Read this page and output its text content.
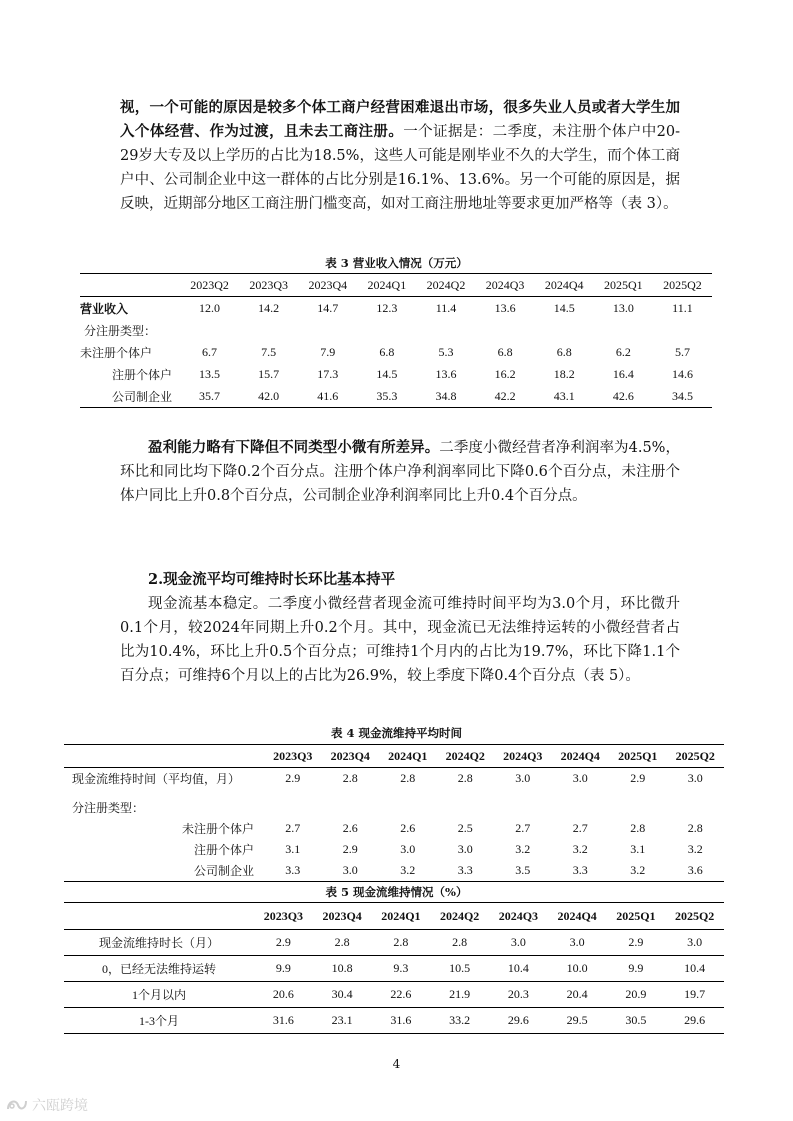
视，一个可能的原因是较多个体工商户经营困难退出市场，很多失业人员或者大学生加入个体经营、作为过渡，且未去工商注册。一个证据是：二季度，未注册个体户中20-29岁大专及以上学历的占比为18.5%，这些人可能是刚毕业不久的大学生，而个体工商户中、公司制企业中这一群体的占比分别是16.1%、13.6%。另一个可能的原因是，据反映，近期部分地区工商注册门槛变高，如对工商注册地址等要求更加严格等（表 3）。

表 3 营业收入情况（万元）

	2023Q2	2023Q3	2023Q4	2024Q1	2024Q2	2024Q3	2024Q4	2025Q1	2025Q2
营业收入	12.0	14.2	14.7	12.3	11.4	13.6	14.5	13.0	11.1
分注册类型：									
未注册个体户	6.7	7.5	7.9	6.8	5.3	6.8	6.8	6.2	5.7
注册个体户	13.5	15.7	17.3	14.5	13.6	16.2	18.2	16.4	14.6
公司制企业	35.7	42.0	41.6	35.3	34.8	42.2	43.1	42.6	34.5

盈利能力略有下降但不同类型小微有所差异。二季度小微经营者净利润率为4.5%，环比和同比均下降0.2个百分点。注册个体户净利润率同比下降0.6个百分点，未注册个体户同比上升0.8个百分点，公司制企业净利润率同比上升0.4个百分点。

2.现金流平均可维持时长环比基本持平

现金流基本稳定。二季度小微经营者现金流可维持时间平均为3.0个月，环比微升0.1个月，较2024年同期上升0.2个月。其中，现金流已无法维持运转的小微经营者占比为10.4%，环比上升0.5个百分点；可维持1个月内的占比为19.7%，环比下降1.1个百分点；可维持6个月以上的占比为26.9%，较上季度下降0.4个百分点（表 5）。

表 4 现金流维持平均时间

	2023Q3	2023Q4	2024Q1	2024Q2	2024Q3	2024Q4	2025Q1	2025Q2
现金流维持时间（平均值，月）	2.9	2.8	2.8	2.8	3.0	3.0	2.9	3.0

分注册类型：								
未注册个体户	2.7	2.6	2.6	2.5	2.7	2.7	2.8	2.8
注册个体户	3.1	2.9	3.0	3.0	3.2	3.2	3.1	3.2
公司制企业	3.3	3.0	3.2	3.3	3.5	3.3	3.2	3.6

表 5 现金流维持情况（%）

	2023Q3	2023Q4	2024Q1	2024Q2	2024Q3	2024Q4	2025Q1	2025Q2
现金流维持时长（月）	2.9	2.8	2.8	2.8	3.0	3.0	2.9	3.0
0，已经无法维持运转	9.9	10.8	9.3	10.5	10.4	10.0	9.9	10.4
1个月以内	20.6	30.4	22.6	21.9	20.3	20.4	20.9	19.7
1-3个月	31.6	23.1	31.6	33.2	29.6	29.5	30.5	29.6
4
六瓯跨境
